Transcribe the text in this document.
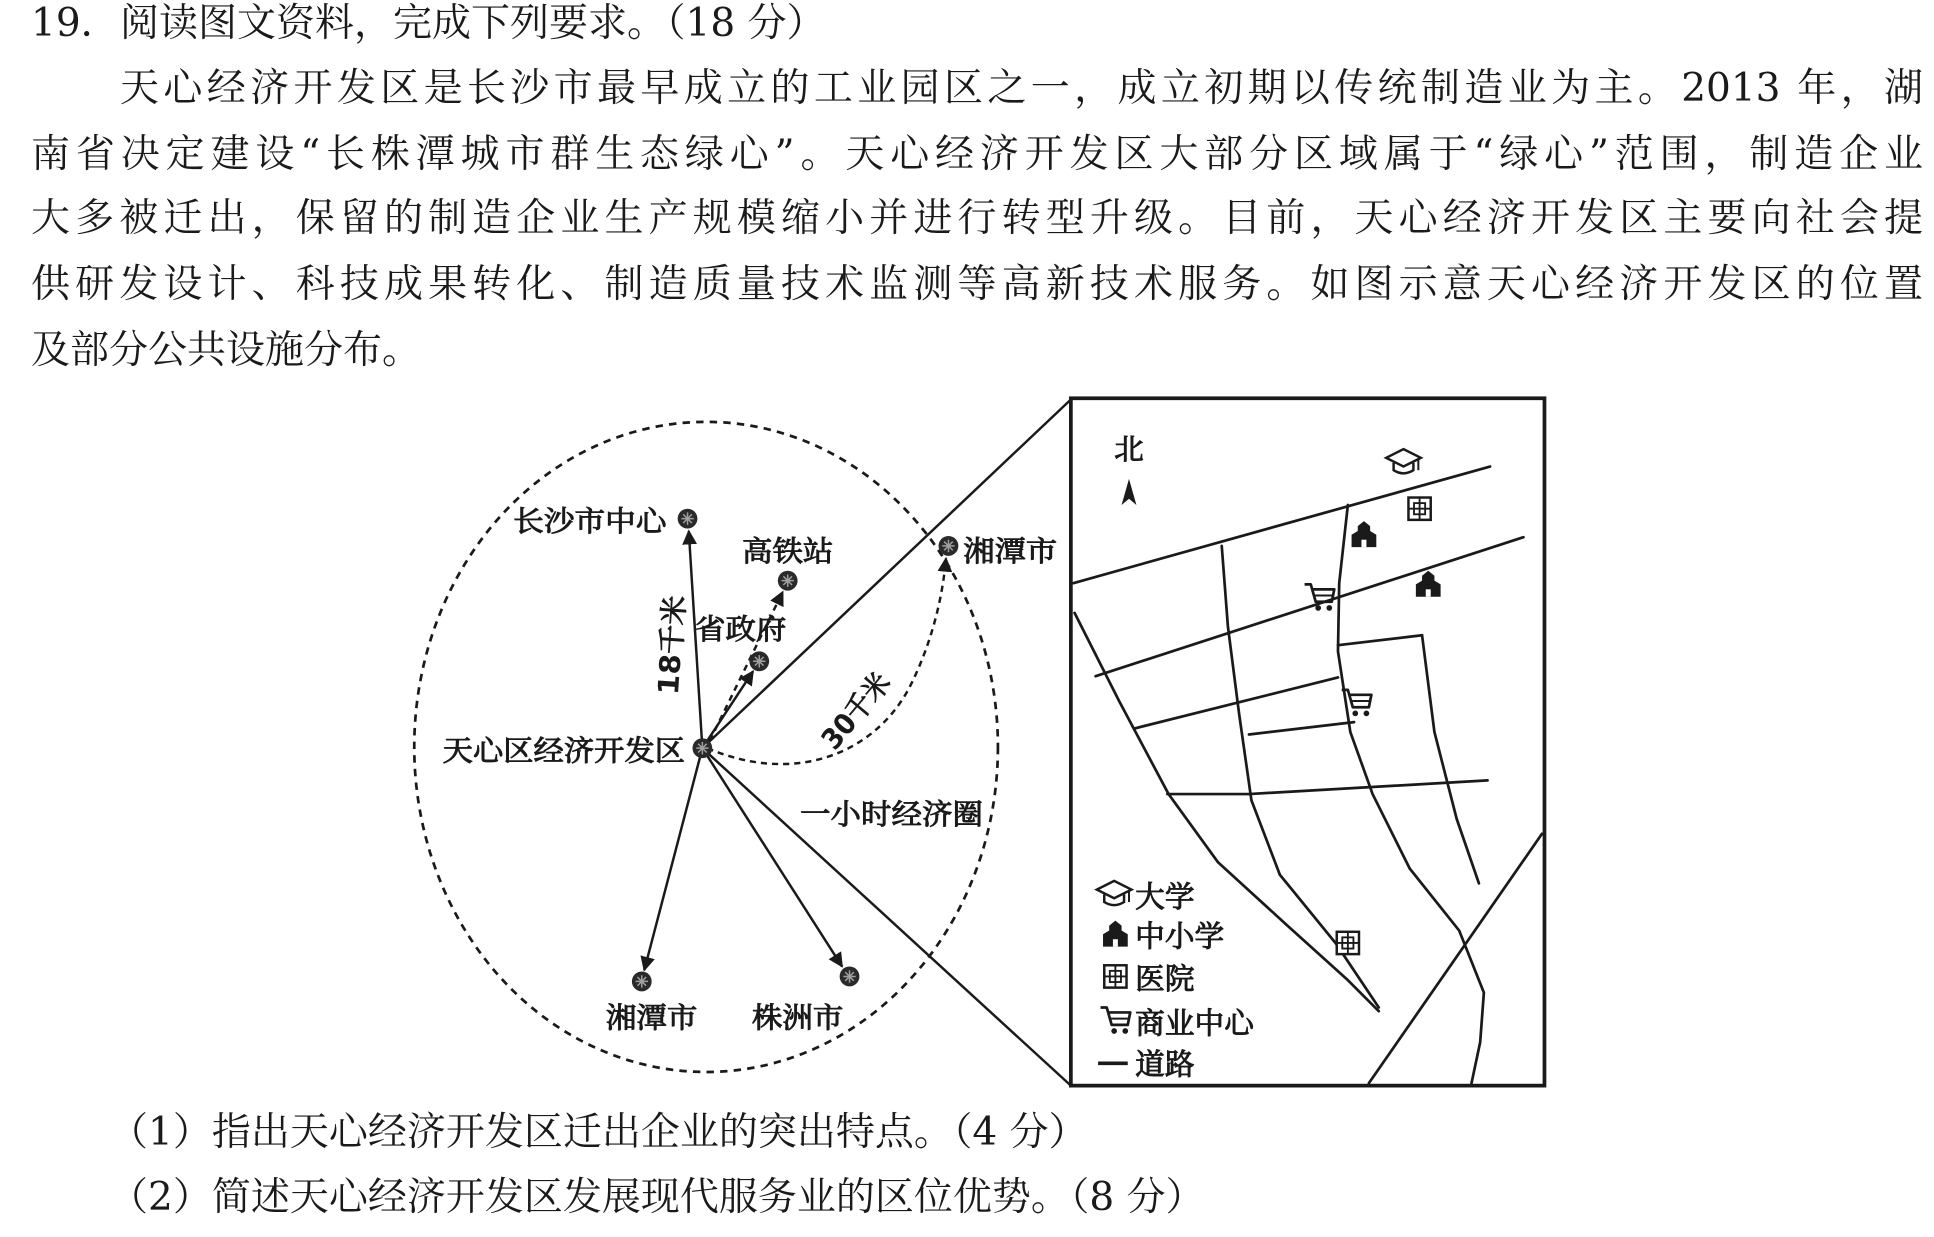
天心区经济开发区
长沙市中心
高铁站
省政府
湘潭市
湘潭市 株洲市
一小时经济圈
18千米
30千米
北
大学
中小学
医院
商业中心
道路
19． 阅读图文资料，完成下列要求。（18 分）
天心经济开发区是长沙市最早成立的工业园区之一，成立初期以传统制造业为主。2013 年，湖
南省决定建设“长株潭城市群生态绿心”。天心经济开发区大部分区域属于“绿心”范围，制造企业
大多被迁出，保留的制造企业生产规模缩小并进行转型升级。目前，天心经济开发区主要向社会提
供研发设计、科技成果转化、制造质量技术监测等高新技术服务。如图示意天心经济开发区的位置
及部分公共设施分布。
（1）指出天心经济开发区迁出企业的突出特点。（4 分）
（2）简述天心经济开发区发展现代服务业的区位优势。（8 分）
